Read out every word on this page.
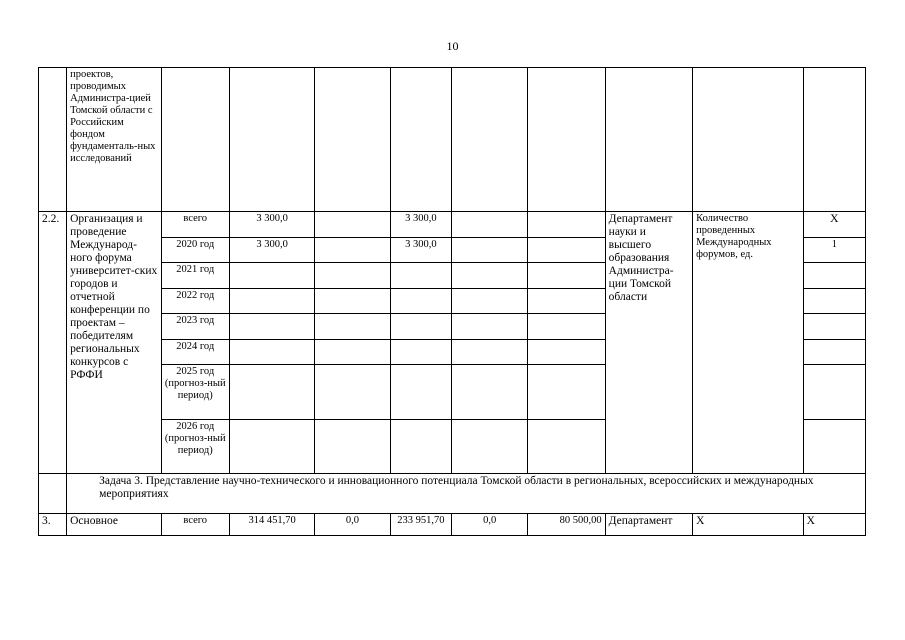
10
	проектов, проводимых Администра-цией Томской области с Российским фондом фундаменталь-ных исследований									
2.2.	Организация и проведение Международ-ного форума университет-ских городов и отчетной конференции по проектам – победителям региональных конкурсов с РФФИ	всего	3 300,0		3 300,0			Департамент науки и высшего образования Администра-ции Томской области	Количество проведенных Международных форумов, ед.	Х
		2020 год	3 300,0		3 300,0					1
		2021 год								
		2022 год								
		2023 год								
		2024 год								
		2025 год (прогноз-ный период)								
		2026 год (прогноз-ный период)								
	Задача 3. Представление научно-технического и инновационного потенциала Томской области в региональных, всероссийских и международных мероприятиях									
3.	Основное	всего	314 451,70	0,0	233 951,70	0,0	80 500,00	Департамент	Х	Х
